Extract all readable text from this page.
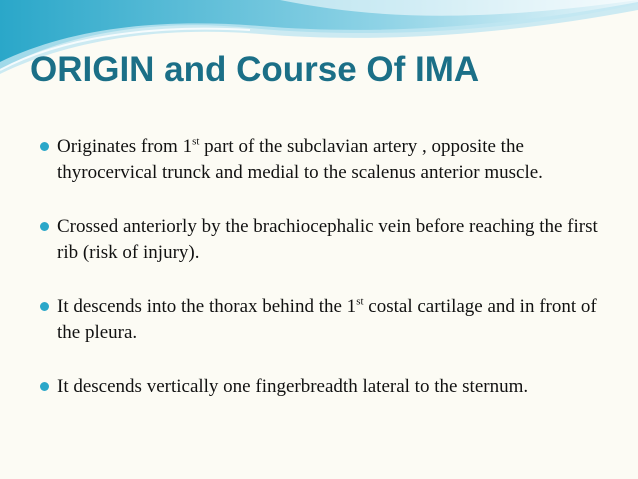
ORIGIN and Course Of IMA
Originates from 1st part of the subclavian artery , opposite the thyrocervical trunck and medial to the scalenus anterior muscle.
Crossed anteriorly by the brachiocephalic vein before reaching the first rib (risk of injury).
It descends into the thorax behind the 1st costal cartilage and in front of the pleura.
It descends vertically one fingerbreadth lateral to the sternum.
